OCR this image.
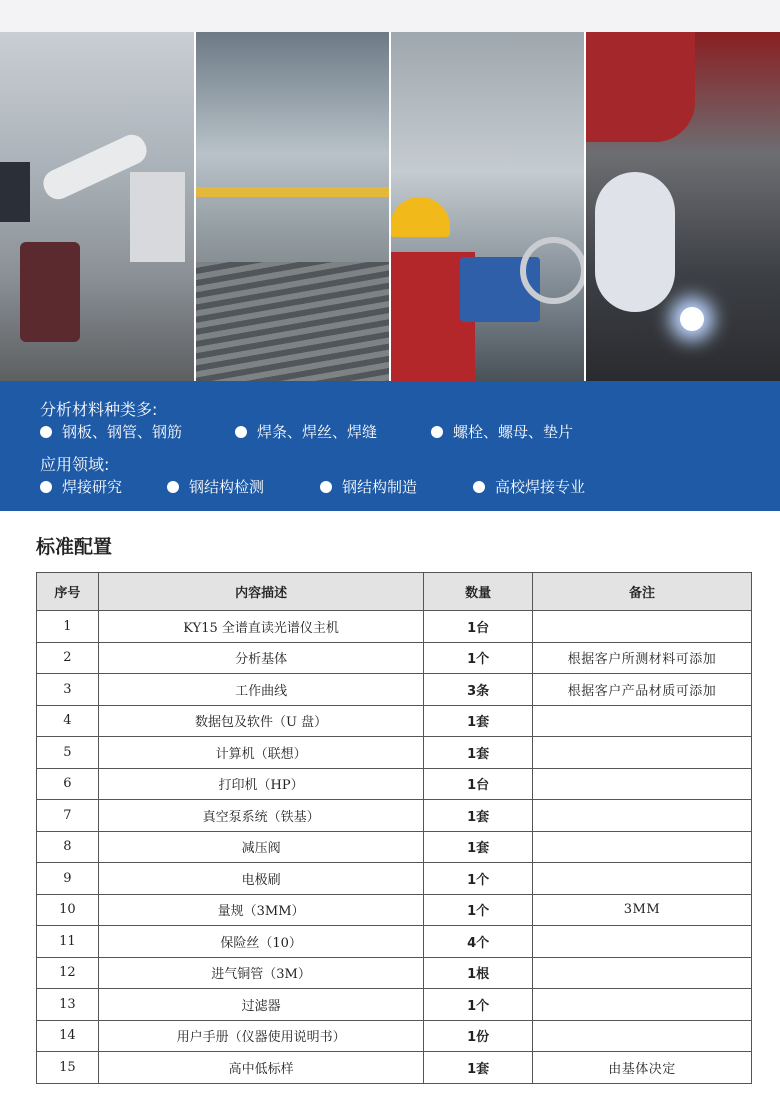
分析材料种类多:
钢板、钢管、钢筋	焊条、焊丝、焊缝	螺栓、螺母、垫片
应用领域:
焊接研究	钢结构检测	钢结构制造	高校焊接专业
标准配置
序号	内容描述	数量	备注
1	KY15 全谱直读光谱仪主机	1台	
2	分析基体	1个	根据客户所测材料可添加
3	工作曲线	3条	根据客户产品材质可添加
4	数据包及软件（U 盘）	1套	
5	计算机（联想）	1套	
6	打印机（HP）	1台	
7	真空泵系统（铁基）	1套	
8	减压阀	1套	
9	电极刷	1个	
10	量规（3MM）	1个	3MM
11	保险丝（10）	4个	
12	进气铜管（3M）	1根	
13	过滤器	1个	
14	用户手册（仪器使用说明书）	1份	
15	高中低标样	1套	由基体决定
